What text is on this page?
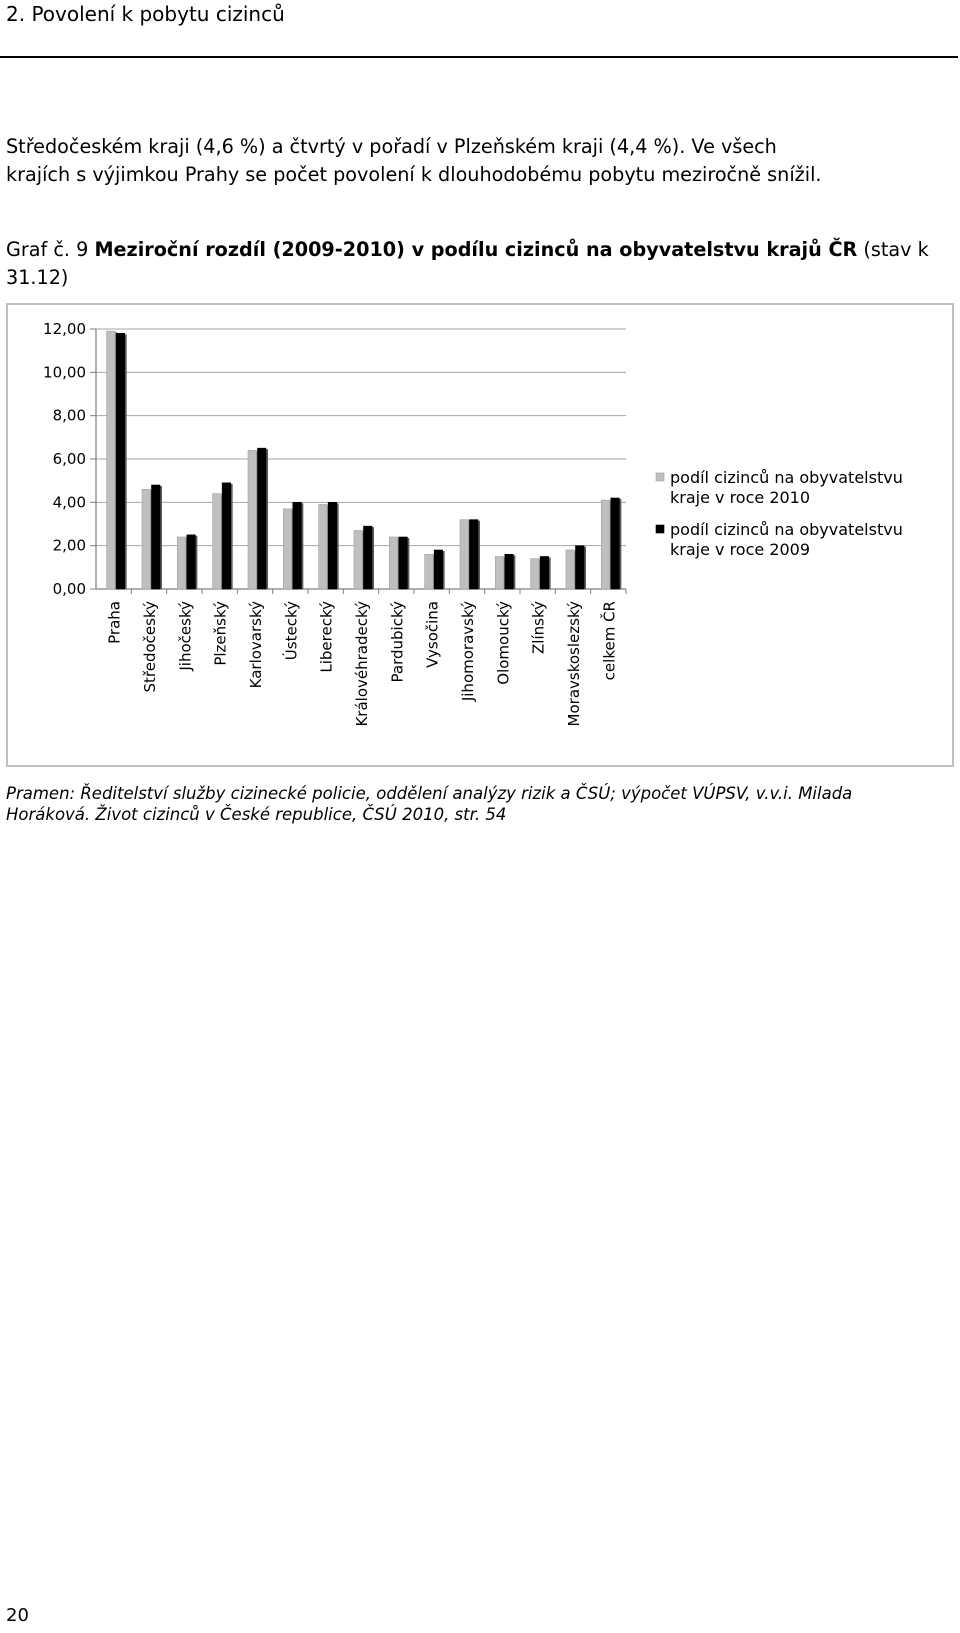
2. Povolení k pobytu cizinců
Středočeském kraji (4,6 %) a čtvrtý v pořadí v Plzeňském kraji (4,4 %). Ve všech
krajích s výjimkou Prahy se počet povolení k dlouhodobému pobytu meziročně snížil.
Graf č. 9 Meziroční rozdíl (2009-2010) v podílu cizinců na obyvatelstvu krajů ČR (stav k 31.12)
0,00
2,00
4,00
6,00
8,00
10,00
12,00
Praha Středočeský Jihočeský Plzeňský Karlovarský Ústecký Liberecký Královéhradecký Pardubický Vysočina Jihomoravský Olomoucký Zlínský Moravskoslezský celkem ČR
podíl cizinců na obyvatelstvu
kraje v roce 2010
podíl cizinců na obyvatelstvu
kraje v roce 2009
Pramen: Ředitelství služby cizinecké policie, oddělení analýzy rizik a ČSÚ; výpočet VÚPSV, v.v.i. Milada
Horáková. Život cizinců v České republice, ČSÚ 2010, str. 54
20
